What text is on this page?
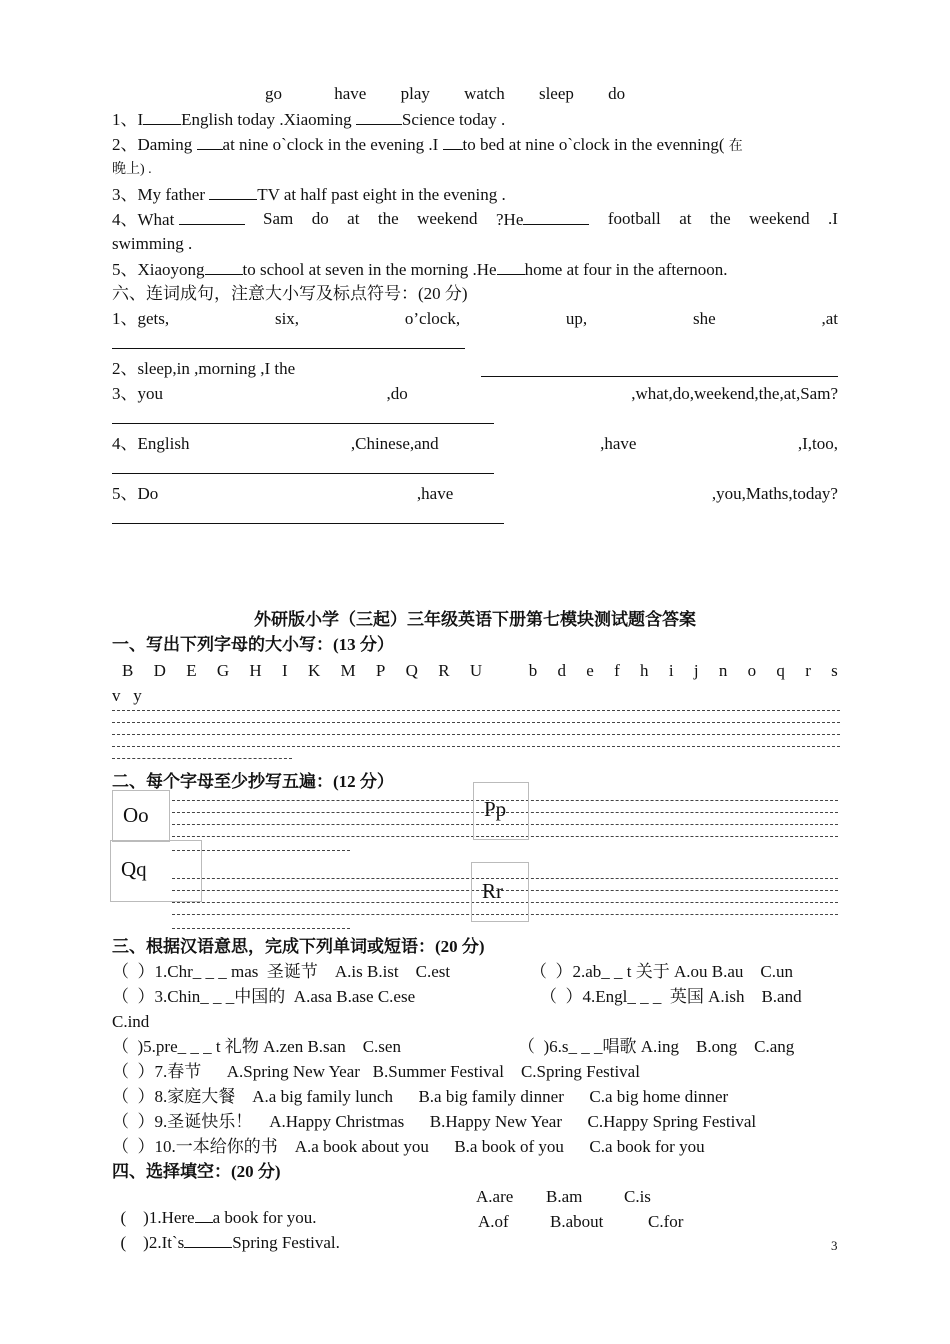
go	have play watch sleep do
1、I English today .Xiaoming	Science today .
2、Daming at nine o`clock in the evening .I to bed at nine o`clock in the evenning( 在
晚上) .
3、My father	TV at half past eight in the evening .
4、What	Sam do at the weekend ?He	football at the weekend .I
swimming .
5、Xiaoyong to school at seven in the morning .He home at four in the afternoon.
六、连词成句，注意大小写及标点符号：(20 分)
1、gets,	six,	o’clock,	up,	she	,at
2、sleep,in ,morning ,I the
3、you	,do	,what,do,weekend,the,at,Sam?
4、English	,Chinese,and	,have	,I,too,
5、Do	,have	,you,Maths,today?
外研版小学（三起）三年级英语下册第七模块测试题含答案
一、写出下列字母的大小写：(13 分）
B D E G H I K M P Q R U	b d e f h i j n o q r s
v   y
二、每个字母至少抄写五遍：(12 分）
Oo	Pp
Qq
Rr
三、根据汉语意思，完成下列单词或短语：(20 分)
（  ）1.Chr_ _ _ mas  圣诞节    A.is B.ist    C.est	（  ）2.ab_ _ t 关于 A.ou B.au    C.un
（  ）3.Chin_ _ _中国的  A.asa B.ase C.ese	（  ）4.Engl_ _ _  英国 A.ish    B.and
C.ind
（  )5.pre_ _ _ t 礼物 A.zen B.san    C.sen	（  )6.s_ _ _唱歌 A.ing    B.ong    C.ang
（  ）7.春节      A.Spring New Year   B.Summer Festival    C.Spring Festival
（  ）8.家庭大餐    A.a big family lunch      B.a big family dinner      C.a big home dinner
（  ）9.圣诞快乐！    A.Happy Christmas      B.Happy New Year      C.Happy Spring Festival
（  ）10.一本给你的书    A.a book about you      B.a book of you      C.a book for you
四、选择填空：(20 分)

(    )1.Here a book for you.

A.are B.am C.is

(    )2.It`s	Spring Festival.

A.of B.about	C.for
3
